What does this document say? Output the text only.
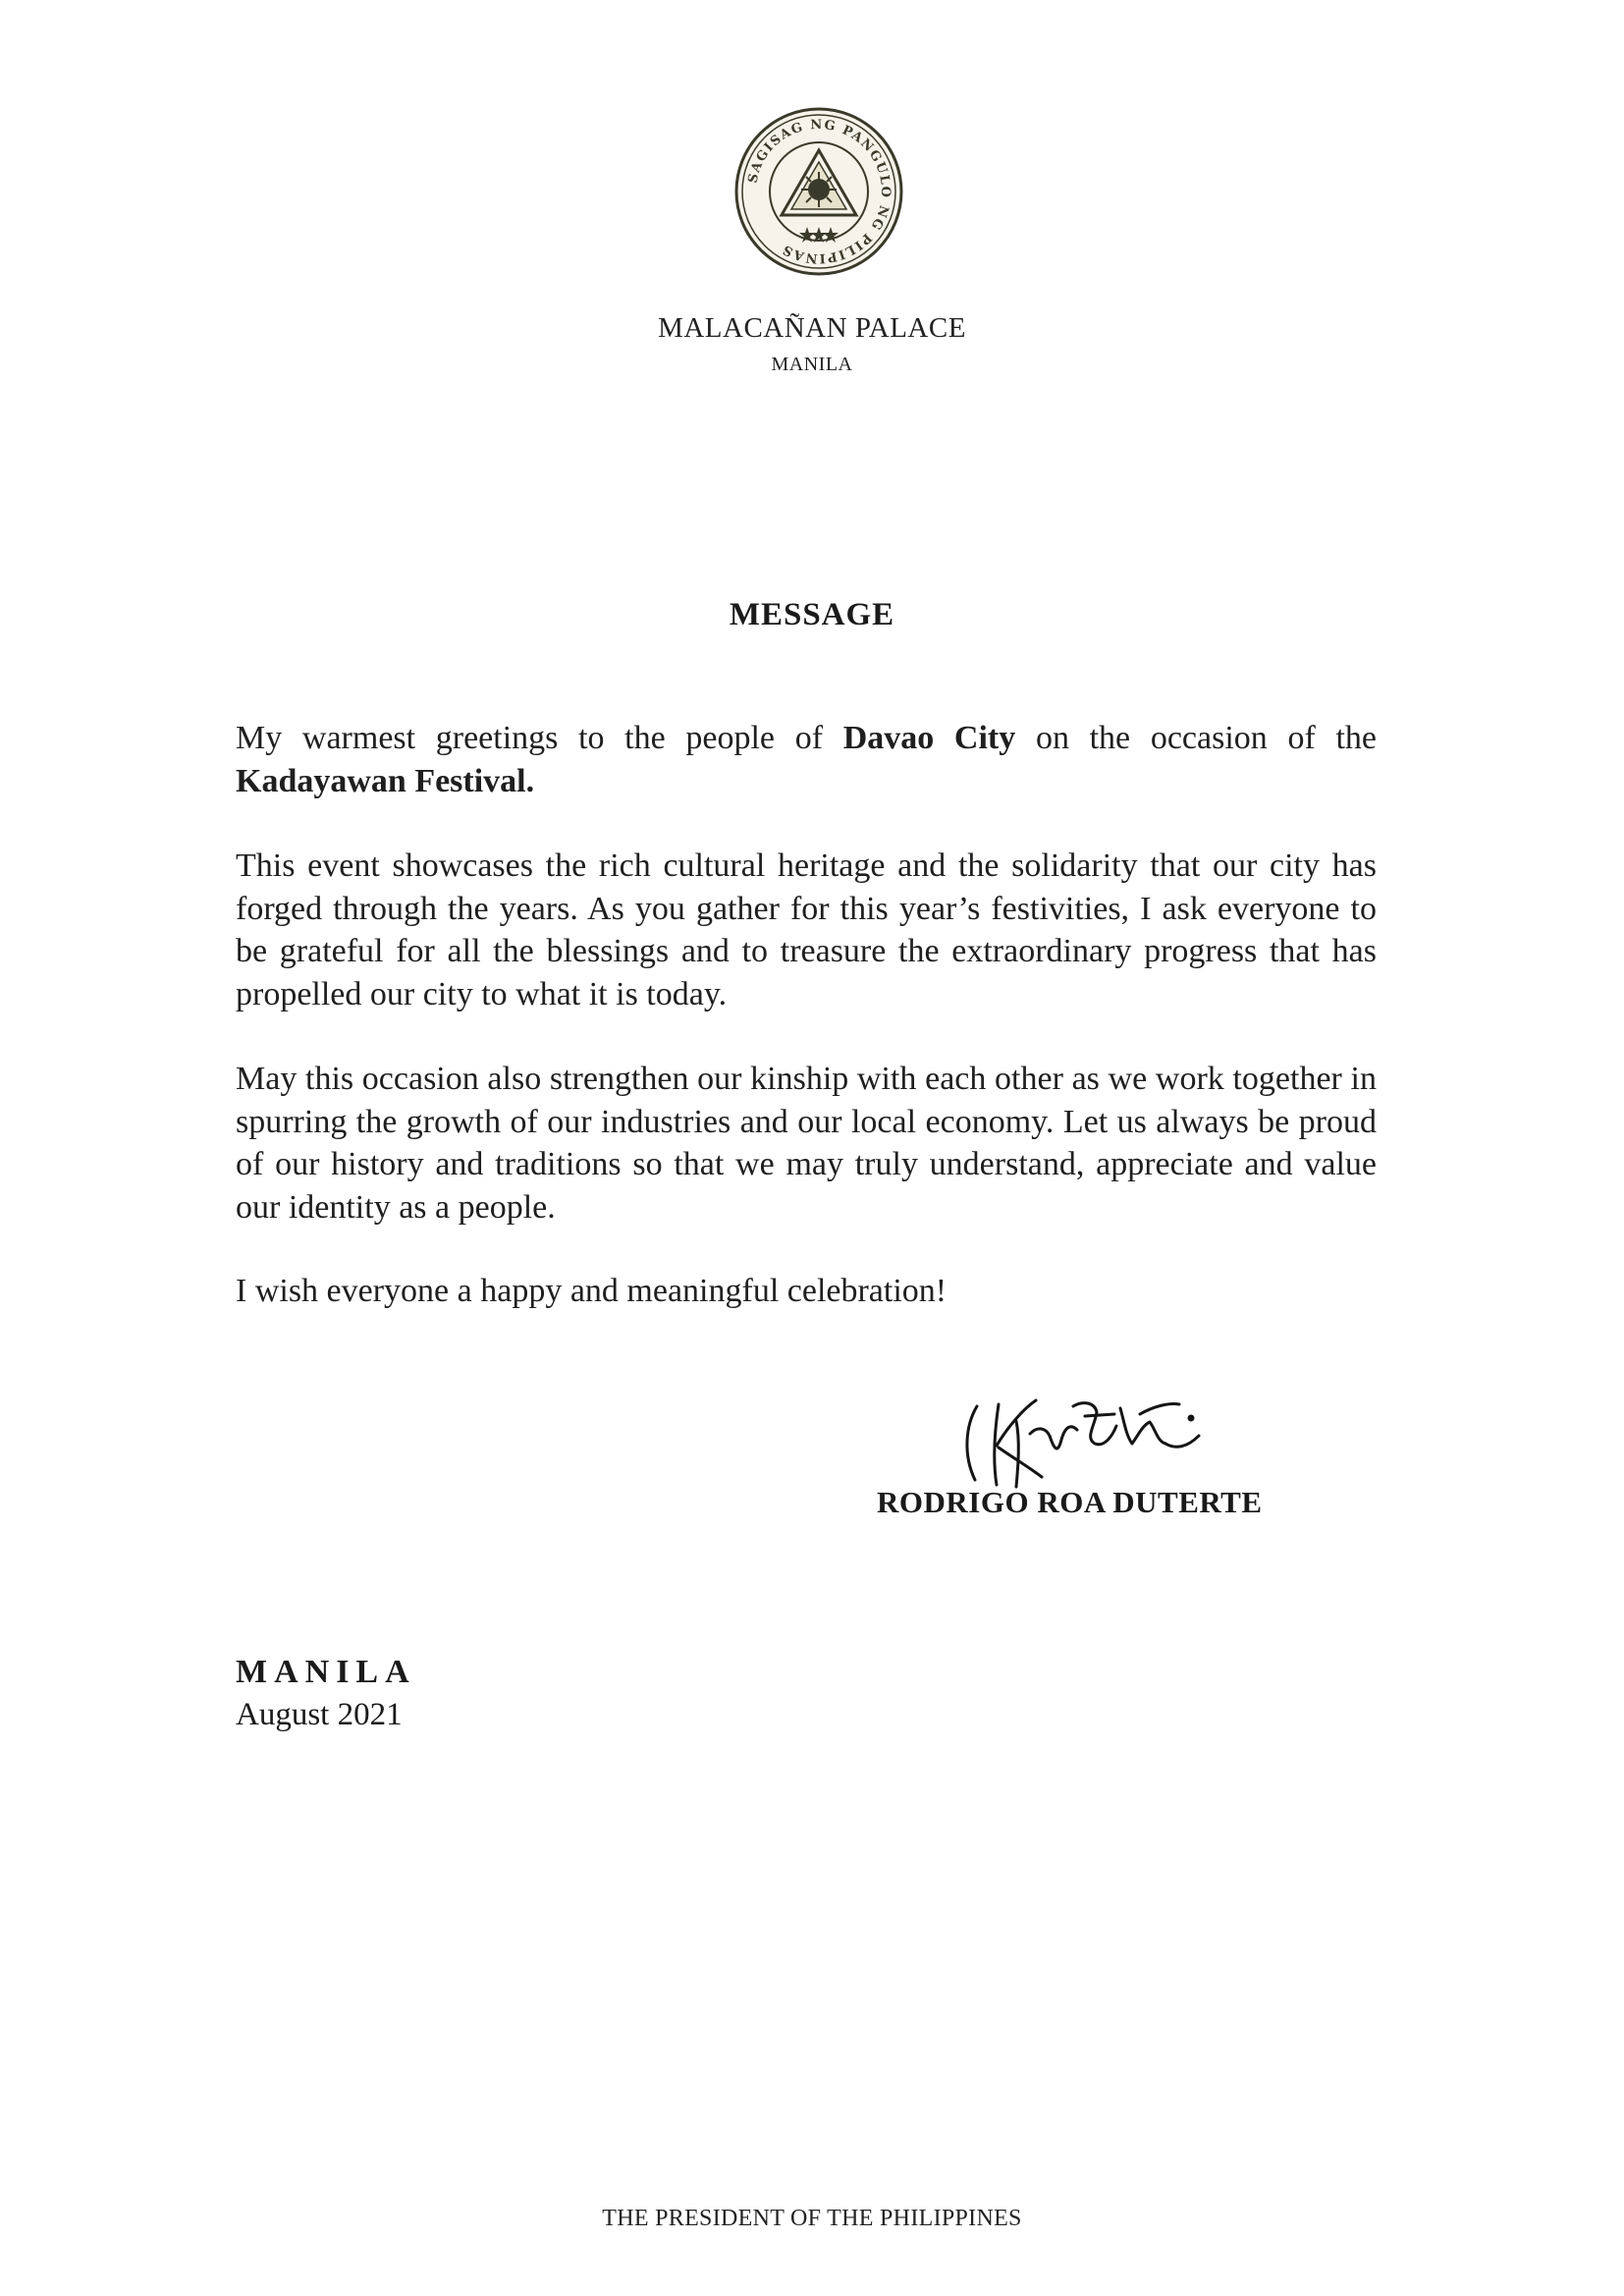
SAGISAG NG PANGULO NG PILIPINAS
MALACAÑAN PALACE
MANILA
MESSAGE

My warmest greetings to the people of Davao City on the occasion of the Kadayawan Festival.

This event showcases the rich cultural heritage and the solidarity that our city has forged through the years. As you gather for this year’s festivities, I ask everyone to be grateful for all the blessings and to treasure the extraordinary progress that has propelled our city to what it is today.

May this occasion also strengthen our kinship with each other as we work together in spurring the growth of our industries and our local economy. Let us always be proud of our history and traditions so that we may truly understand, appreciate and value our identity as a people.

I wish everyone a happy and meaningful celebration!

RODRIGO ROA DUTERTE
MANILA
August 2021
THE PRESIDENT OF THE PHILIPPINES
